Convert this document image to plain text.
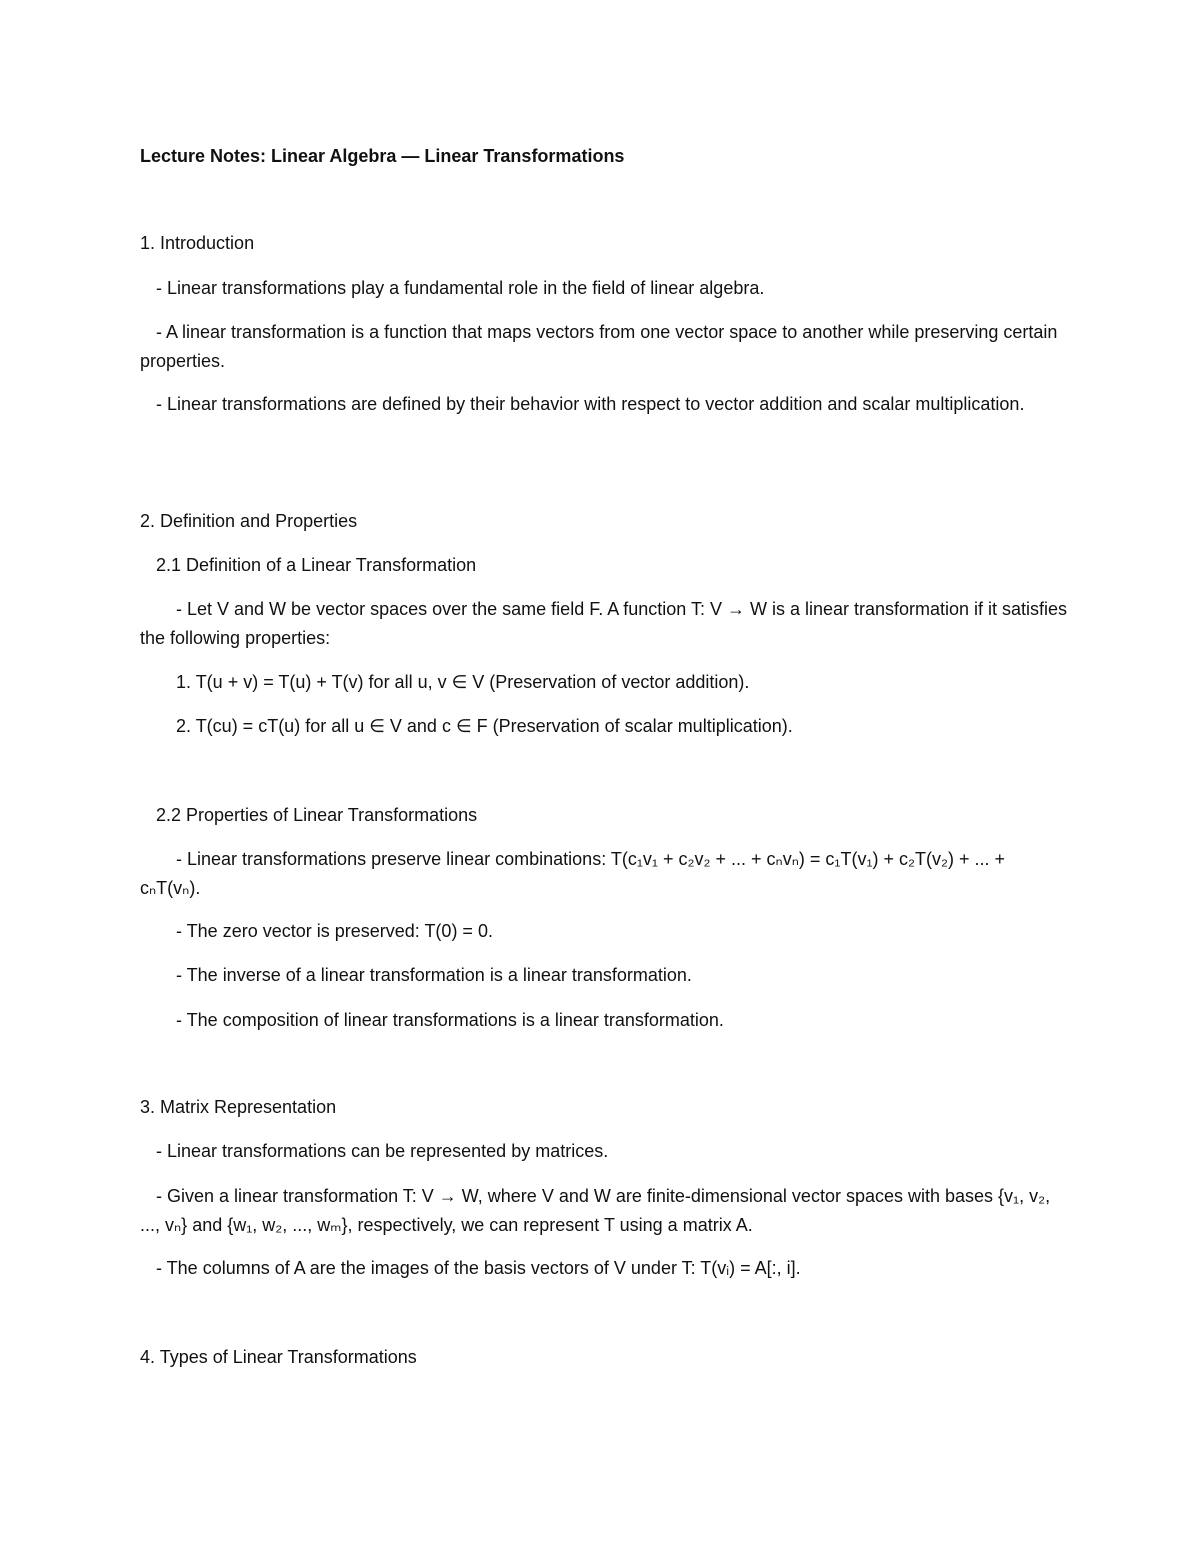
Lecture Notes: Linear Algebra — Linear Transformations

1. Introduction

- Linear transformations play a fundamental role in the field of linear algebra.

- A linear transformation is a function that maps vectors from one vector space to another while preserving certain properties.

- Linear transformations are defined by their behavior with respect to vector addition and scalar multiplication.

2. Definition and Properties

2.1 Definition of a Linear Transformation

- Let V and W be vector spaces over the same field F. A function T: V → W is a linear transformation if it satisfies the following properties:

1. T(u + v) = T(u) + T(v) for all u, v ∈ V (Preservation of vector addition).

2. T(cu) = cT(u) for all u ∈ V and c ∈ F (Preservation of scalar multiplication).

2.2 Properties of Linear Transformations

- Linear transformations preserve linear combinations: T(c₁v₁ + c₂v₂ + ... + cₙvₙ) = c₁T(v₁) + c₂T(v₂) + ... + cₙT(vₙ).

- The zero vector is preserved: T(0) = 0.

- The inverse of a linear transformation is a linear transformation.

- The composition of linear transformations is a linear transformation.

3. Matrix Representation

- Linear transformations can be represented by matrices.

- Given a linear transformation T: V → W, where V and W are finite-dimensional vector spaces with bases {v₁, v₂, ..., vₙ} and {w₁, w₂, ..., wₘ}, respectively, we can represent T using a matrix A.

- The columns of A are the images of the basis vectors of V under T: T(vᵢ) = A[:, i].

4. Types of Linear Transformations
